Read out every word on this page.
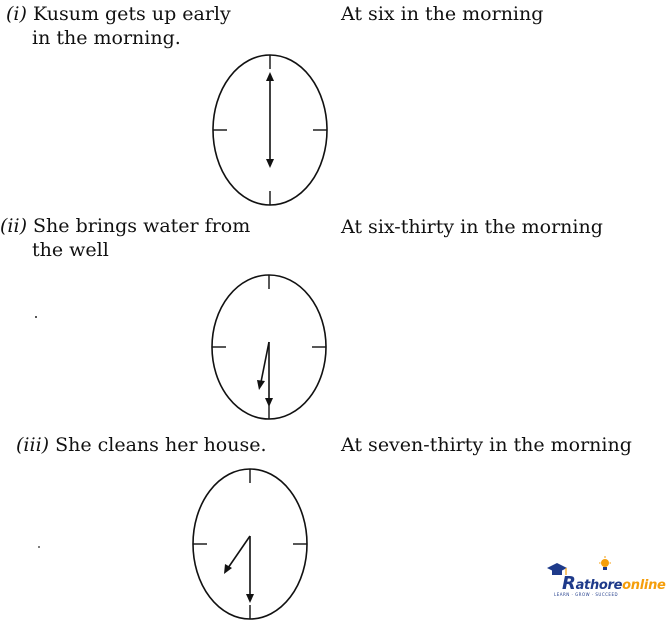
(i) Kusum gets up early
in the morning.
At six in the morning
(ii) She brings water from
the well
At six-thirty in the morning
(iii) She cleans her house.	At seven-thirty in the morning
Rathoreonline
LEARN · GROW · SUCCEED
